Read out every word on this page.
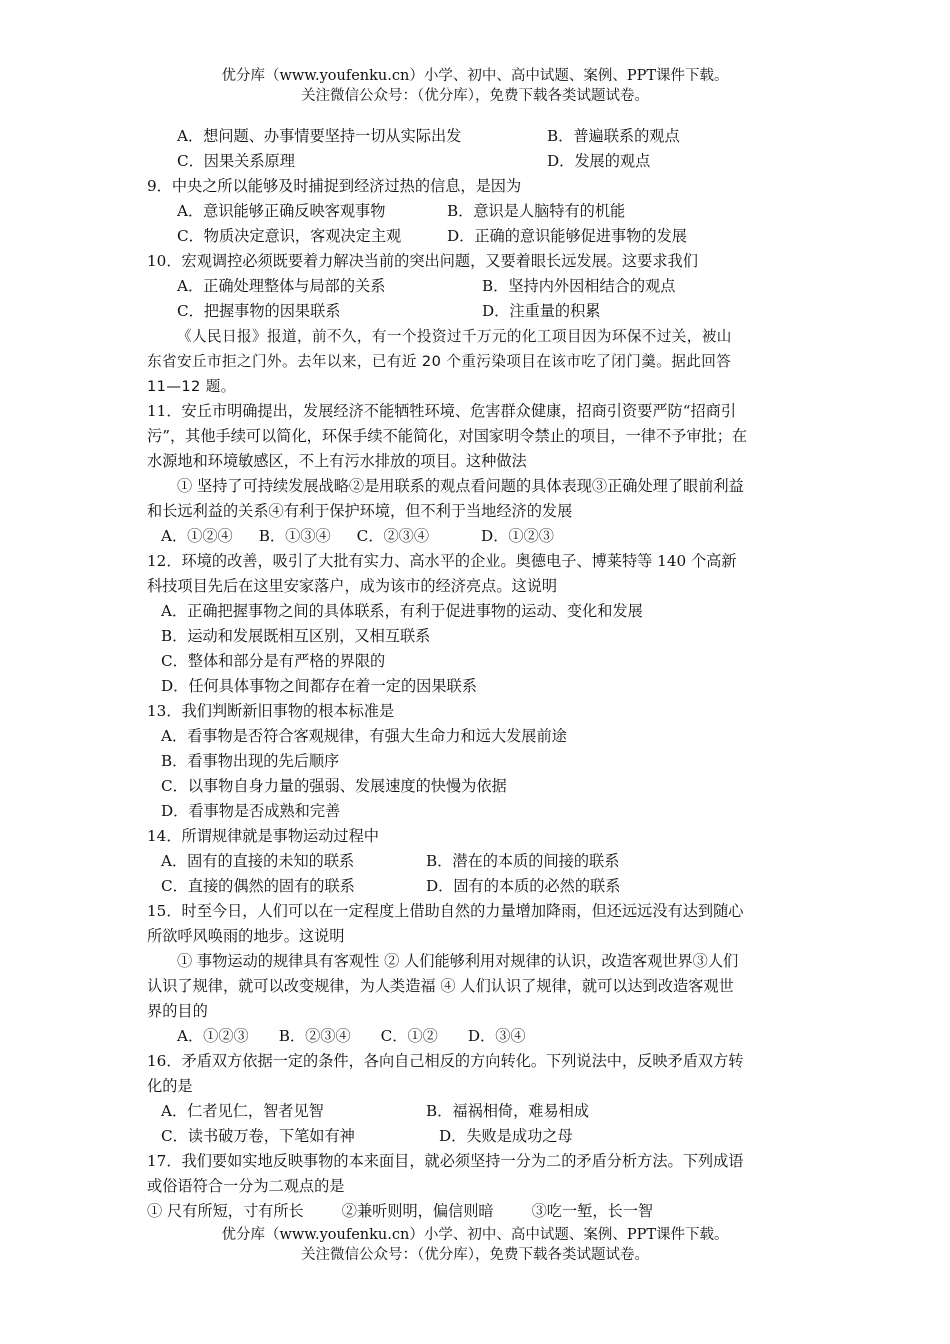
优分库（www.youfenku.cn）小学、初中、高中试题、案例、PPT课件下载。
关注微信公众号：（优分库），免费下载各类试题试卷。
A．想问题、办事情要坚持一切从实际出发	B．普遍联系的观点
C．因果关系原理	D．发展的观点
9．中央之所以能够及时捕捉到经济过热的信息，是因为
A．意识能够正确反映客观事物	B．意识是人脑特有的机能
C．物质决定意识，客观决定主观	D．正确的意识能够促进事物的发展
10．宏观调控必须既要着力解决当前的突出问题，又要着眼长远发展。这要求我们
A．正确处理整体与局部的关系	B．坚持内外因相结合的观点
C．把握事物的因果联系	D．注重量的积累
《人民日报》报道，前不久，有一个投资过千万元的化工项目因为环保不过关，被山
东省安丘市拒之门外。去年以来，已有近 20 个重污染项目在该市吃了闭门羹。据此回答
11—12 题。
11．安丘市明确提出，发展经济不能牺牲环境、危害群众健康，招商引资要严防“招商引
污”，其他手续可以简化，环保手续不能简化，对国家明令禁止的项目，一律不予审批；在
水源地和环境敏感区，不上有污水排放的项目。这种做法
① 坚持了可持续发展战略②是用联系的观点看问题的具体表现③正确处理了眼前利益
和长远利益的关系④有利于保护环境，但不利于当地经济的发展
A．①②④ B．①③④ C．②③④	D．①②③
12．环境的改善，吸引了大批有实力、高水平的企业。奥德电子、博莱特等 140 个高新
科技项目先后在这里安家落户，成为该市的经济亮点。这说明
A．正确把握事物之间的具体联系，有利于促进事物的运动、变化和发展
B．运动和发展既相互区别，又相互联系
C．整体和部分是有严格的界限的
D．任何具体事物之间都存在着一定的因果联系
13．我们判断新旧事物的根本标准是
A．看事物是否符合客观规律，有强大生命力和远大发展前途
B．看事物出现的先后顺序
C．以事物自身力量的强弱、发展速度的快慢为依据
D．看事物是否成熟和完善
14．所谓规律就是事物运动过程中
A．固有的直接的未知的联系	B．潜在的本质的间接的联系
C．直接的偶然的固有的联系	D．固有的本质的必然的联系
15．时至今日，人们可以在一定程度上借助自然的力量增加降雨，但还远远没有达到随心
所欲呼风唤雨的地步。这说明
① 事物运动的规律具有客观性 ② 人们能够利用对规律的认识，改造客观世界③人们
认识了规律，就可以改变规律，为人类造福 ④ 人们认识了规律，就可以达到改造客观世
界的目的
A．①②③ B．②③④ C．①② D．③④
16．矛盾双方依据一定的条件，各向自己相反的方向转化。下列说法中，反映矛盾双方转
化的是
A．仁者见仁，智者见智	B．福祸相倚，难易相成
C．读书破万卷，下笔如有神	D．失败是成功之母
17．我们要如实地反映事物的本来面目，就必须坚持一分为二的矛盾分析方法。下列成语
或俗语符合一分为二观点的是
① 尺有所短，寸有所长	②兼听则明，偏信则暗	③吃一堑，长一智
优分库（www.youfenku.cn）小学、初中、高中试题、案例、PPT课件下载。
关注微信公众号：（优分库），免费下载各类试题试卷。
